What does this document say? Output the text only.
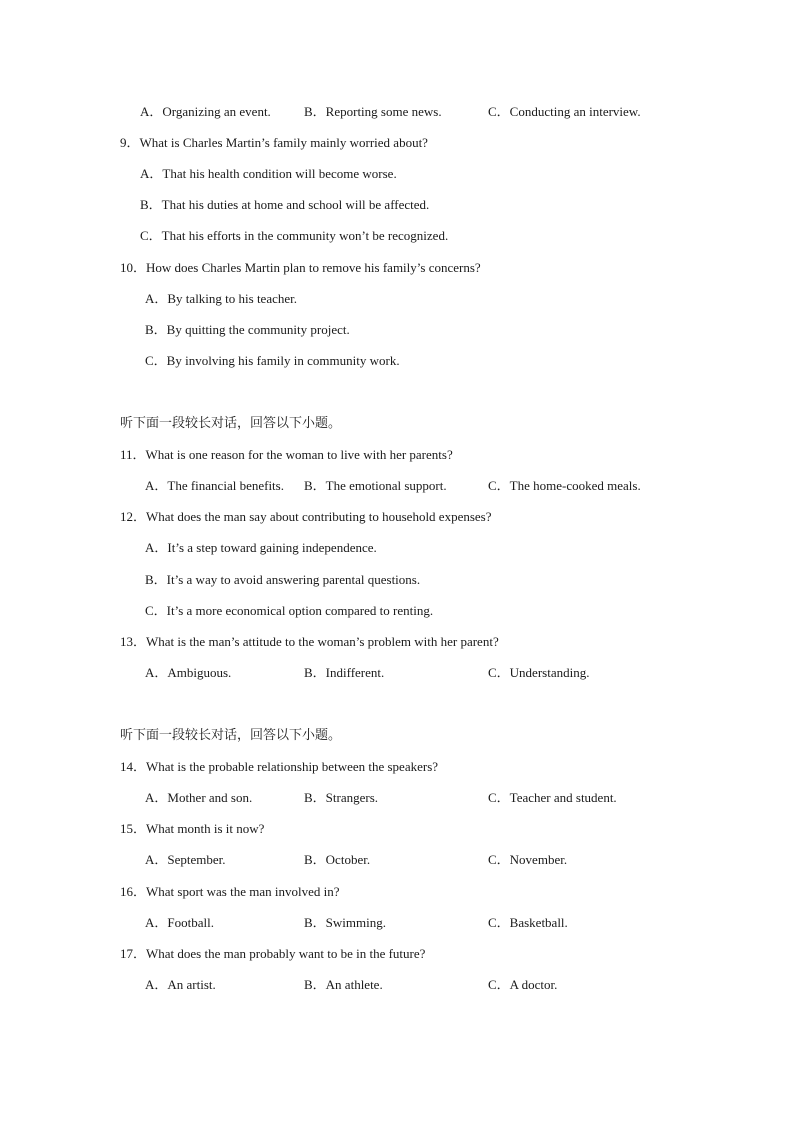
A．Organizing an event.	B．Reporting some news.	C．Conducting an interview.
9．What is Charles Martin’s family mainly worried about?
A．That his health condition will become worse.
B．That his duties at home and school will be affected.
C．That his efforts in the community won’t be recognized.
10．How does Charles Martin plan to remove his family’s concerns?
A．By talking to his teacher.
B．By quitting the community project.
C．By involving his family in community work.
听下面一段较长对话，回答以下小题。
11．What is one reason for the woman to live with her parents?
A．The financial benefits. B．The emotional support.	C．The home-cooked meals.
12．What does the man say about contributing to household expenses?
A．It’s a step toward gaining independence.
B．It’s a way to avoid answering parental questions.
C．It’s a more economical option compared to renting.
13．What is the man’s attitude to the woman’s problem with her parent?
A．Ambiguous.	B．Indifferent.	C．Understanding.
听下面一段较长对话，回答以下小题。
14．What is the probable relationship between the speakers?
A．Mother and son.	B．Strangers.	C．Teacher and student.
15．What month is it now?
A．September.	B．October.	C．November.
16．What sport was the man involved in?
A．Football.	B．Swimming.	C．Basketball.
17．What does the man probably want to be in the future?
A．An artist.	B．An athlete.	C．A doctor.
